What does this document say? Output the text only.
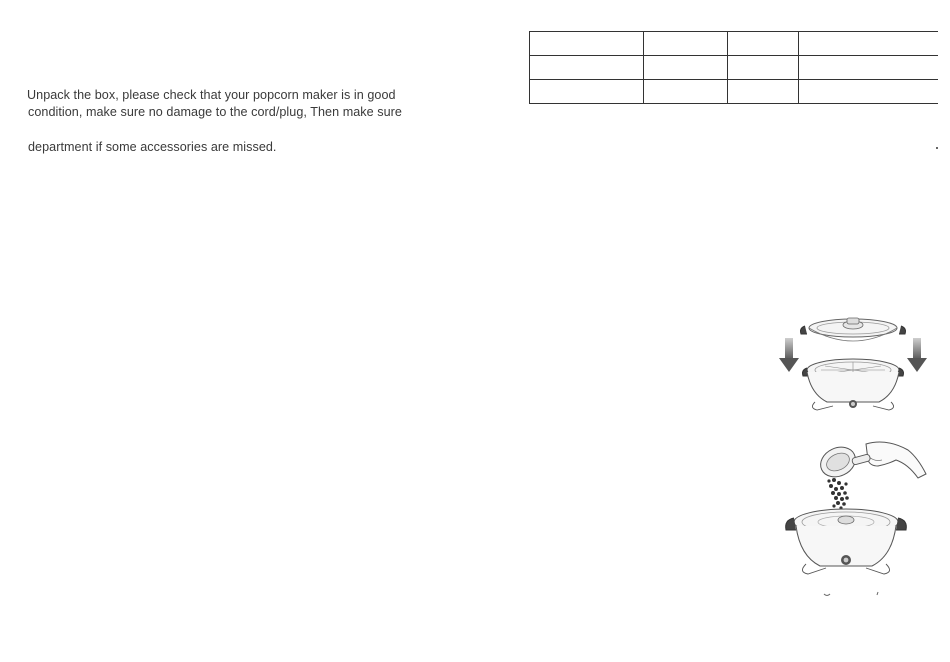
Unpack the box, please check that your popcorn maker is in good
condition, make sure no damage to the cord/plug, Then make sure
department if some accessories are missed.
